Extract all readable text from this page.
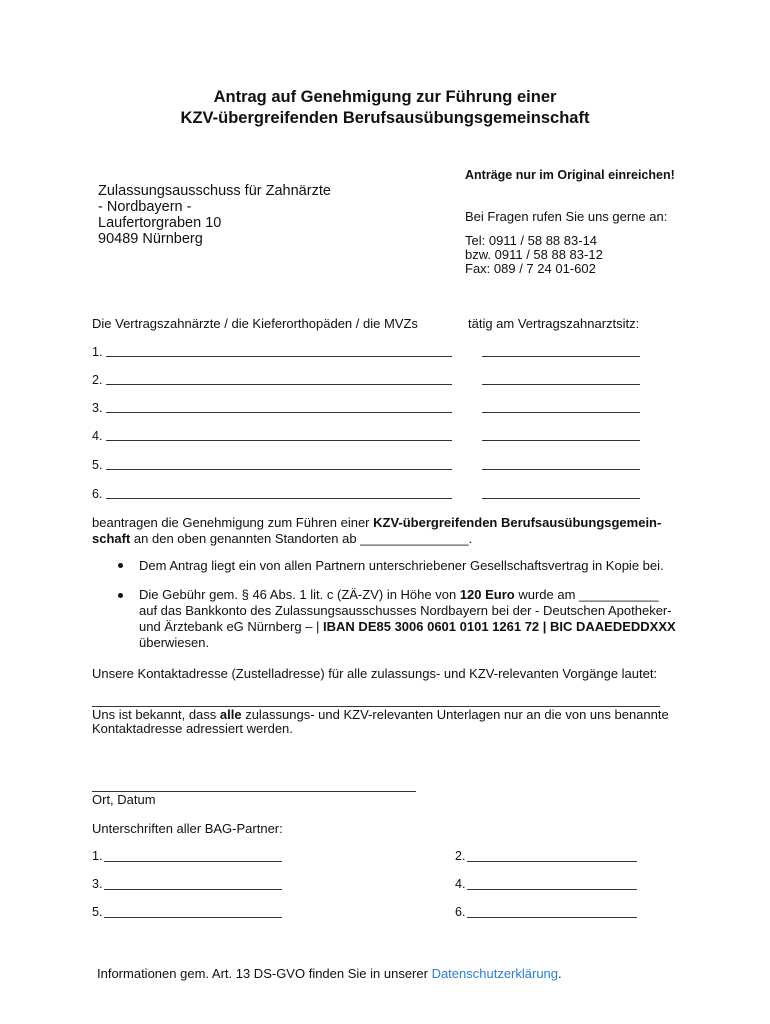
Antrag auf Genehmigung zur Führung einer
KZV-übergreifenden Berufsausübungsgemeinschaft
Anträge nur im Original einreichen!
Zulassungsausschuss für Zahnärzte
- Nordbayern -
Laufertorgraben 10
90489 Nürnberg
Bei Fragen rufen Sie uns gerne an:
Tel: 0911 / 58 88 83-14
bzw. 0911 / 58 88 83-12
Fax: 089 / 7 24 01-602
Die Vertragszahnärzte / die Kieferorthopäden / die MVZs	tätig am Vertragszahnarztsitz:
1.
2.
3.
4.
5.
6.
beantragen die Genehmigung zum Führen einer KZV-übergreifenden Berufsausübungsgemein-
schaft an den oben genannten Standorten ab _______________.
Dem Antrag liegt ein von allen Partnern unterschriebener Gesellschaftsvertrag in Kopie bei.
Die Gebühr gem. § 46 Abs. 1 lit. c (ZÄ-ZV) in Höhe von 120 Euro wurde am ___________
auf das Bankkonto des Zulassungsausschusses Nordbayern bei der - Deutschen Apotheker-
und Ärztebank eG Nürnberg – | IBAN DE85 3006 0601 0101 1261 72 | BIC DAAEDEDDXXX
überwiesen.
Unsere Kontaktadresse (Zustelladresse) für alle zulassungs- und KZV-relevanten Vorgänge lautet:
Uns ist bekannt, dass alle zulassungs- und KZV-relevanten Unterlagen nur an die von uns benannte
Kontaktadresse adressiert werden.
Ort, Datum
Unterschriften aller BAG-Partner:
1.	2.
3.	4.
5.	6.
Informationen gem. Art. 13 DS-GVO finden Sie in unserer Datenschutzerklärung.
